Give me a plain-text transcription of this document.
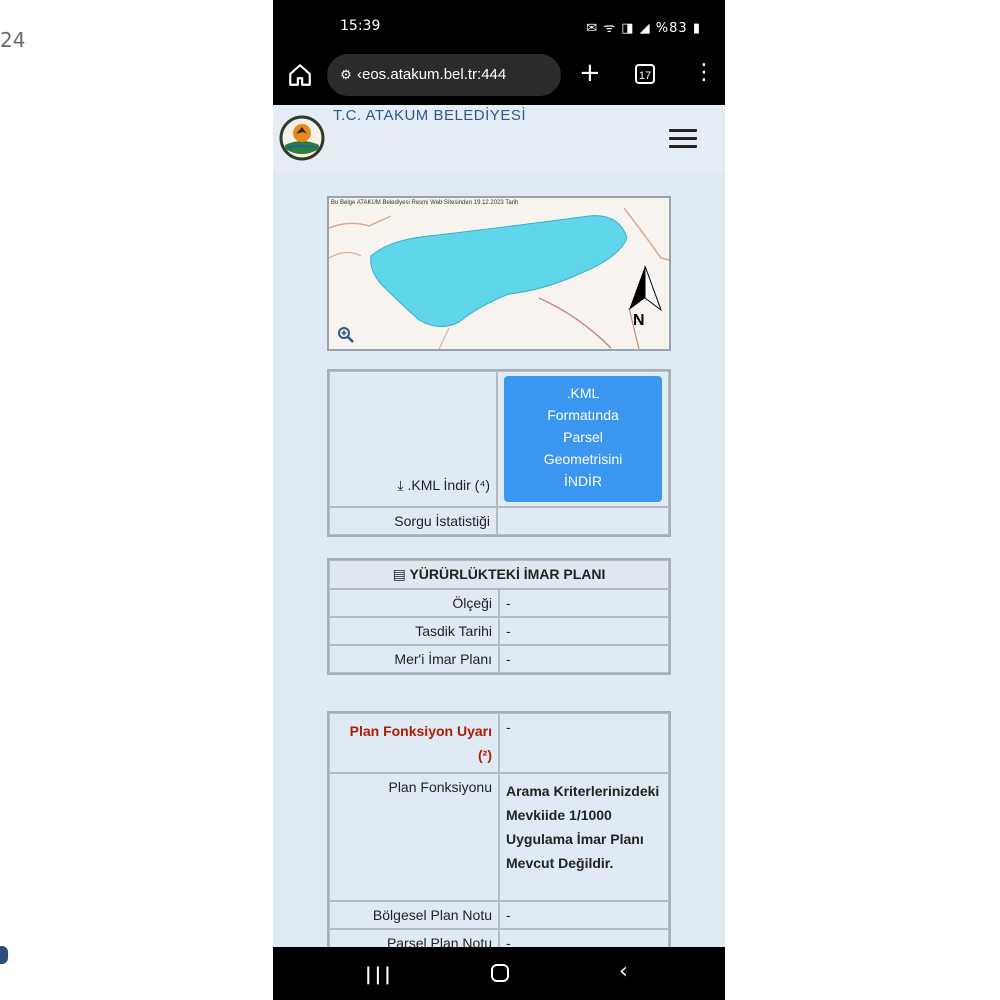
24
15:39	✉ ᯤ ◨ ◢ %83 ▮
⚙ ‹eos.atakum.bel.tr:444	+	17 ⋮
T.C. ATAKUM BELEDİYESİ
Bu Belge ATAKUM Belediyesi Resmi Web Sitesinden 19.12.2023 Tarih
N
⤓ .KML İndir (⁴)	.KML
Formatında
Parsel
Geometrisini
İNDİR

Sorgu İstatistiği	
▤ YÜRÜRLÜKTEKİ İMAR PLANI	
Ölçeği	-
Tasdik Tarihi	-
Mer'i İmar Planı	-
Plan Fonksiyon Uyarı (²)	-
Plan Fonksiyonu	Arama Kriterlerinizdeki Mevkiide 1/1000 Uygulama İmar Planı Mevcut Değildir.
Bölgesel Plan Notu	-
Parsel Plan Notu	-
|||	‹
